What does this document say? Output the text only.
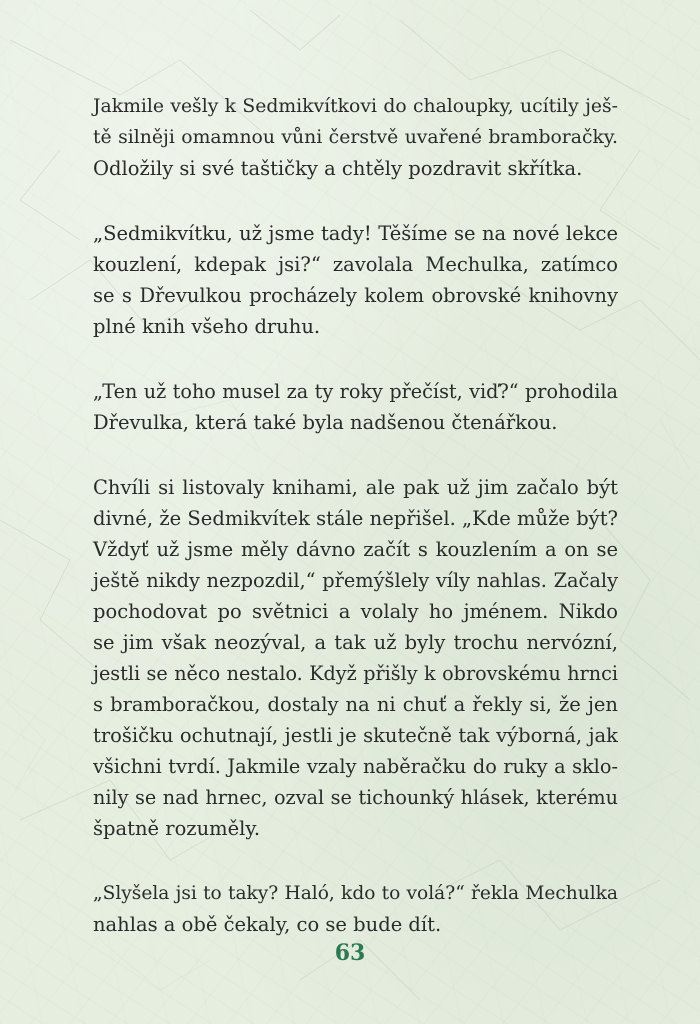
Jakmile vešly k Sedmikvítkovi do chaloupky, ucítily ješ-
tě silněji omamnou vůni čerstvě uvařené bramboračky.
Odložily si své taštičky a chtěly pozdravit skřítka.

„Sedmikvítku, už jsme tady! Těšíme se na nové lekce
kouzlení, kdepak jsi?“ zavolala Mechulka, zatímco
se s Dřevulkou procházely kolem obrovské knihovny
plné knih všeho druhu.

„Ten už toho musel za ty roky přečíst, viď?“ prohodila
Dřevulka, která také byla nadšenou čtenářkou.

Chvíli si listovaly knihami, ale pak už jim začalo být
divné, že Sedmikvítek stále nepřišel. „Kde může být?
Vždyť už jsme měly dávno začít s kouzlením a on se
ještě nikdy nezpozdil,“ přemýšlely víly nahlas. Začaly
pochodovat po světnici a volaly ho jménem. Nikdo
se jim však neozýval, a tak už byly trochu nervózní,
jestli se něco nestalo. Když přišly k obrovskému hrnci
s bramboračkou, dostaly na ni chuť a řekly si, že jen
trošičku ochutnají, jestli je skutečně tak výborná, jak
všichni tvrdí. Jakmile vzaly naběračku do ruky a sklo-
nily se nad hrnec, ozval se tichounký hlásek, kterému
špatně rozuměly.

„Slyšela jsi to taky? Haló, kdo to volá?“ řekla Mechulka
nahlas a obě čekaly, co se bude dít.

63
